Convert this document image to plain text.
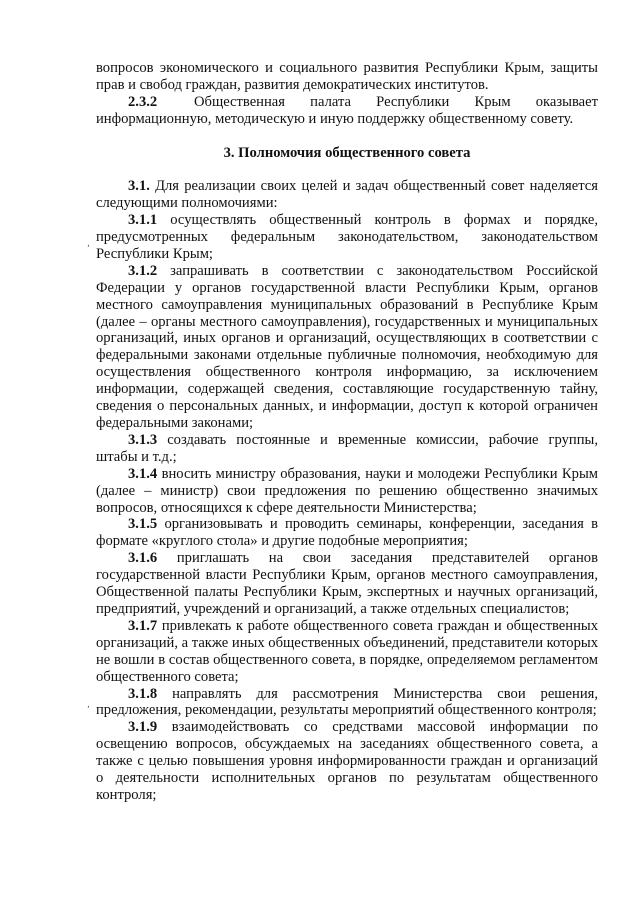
,
,

вопросов экономического и социального развития Республики Крым, защиты прав и свобод граждан, развития демократических институтов.

2.3.2	Общественная палата Республики Крым оказывает информационную, методическую и иную поддержку общественному совету.

3. Полномочия общественного совета

3.1. Для реализации своих целей и задач общественный совет наделяется следующими полномочиями:

3.1.1 осуществлять общественный контроль в формах и порядке, предусмотренных федеральным законодательством, законодательством Республики Крым;

3.1.2 запрашивать в соответствии с законодательством Российской Федерации у органов государственной власти Республики Крым, органов местного самоуправления муниципальных образований в Республике Крым (далее – органы местного самоуправления), государственных и муниципальных организаций, иных органов и организаций, осуществляющих в соответствии с федеральными законами отдельные публичные полномочия, необходимую для осуществления общественного контроля информацию, за исключением информации, содержащей сведения, составляющие государственную тайну, сведения о персональных данных, и информации, доступ к которой ограничен федеральными законами;

3.1.3 создавать постоянные и временные комиссии, рабочие группы, штабы и т.д.;

3.1.4 вносить министру образования, науки и молодежи Республики Крым (далее – министр) свои предложения по решению общественно значимых вопросов, относящихся к сфере деятельности Министерства;

3.1.5 организовывать и проводить семинары, конференции, заседания в формате «круглого стола» и другие подобные мероприятия;

3.1.6 приглашать на свои заседания представителей органов государственной власти Республики Крым, органов местного самоуправления, Общественной палаты Республики Крым, экспертных и научных организаций, предприятий, учреждений и организаций, а также отдельных специалистов;

3.1.7 привлекать к работе общественного совета граждан и общественных организаций, а также иных общественных объединений, представители которых не вошли в состав общественного совета, в порядке, определяемом регламентом общественного совета;

3.1.8 направлять для рассмотрения Министерства свои решения, предложения, рекомендации, результаты мероприятий общественного контроля;

3.1.9 взаимодействовать со средствами массовой информации по освещению вопросов, обсуждаемых на заседаниях общественного совета, а также с целью повышения уровня информированности граждан и организаций о деятельности исполнительных органов по результатам общественного контроля;
